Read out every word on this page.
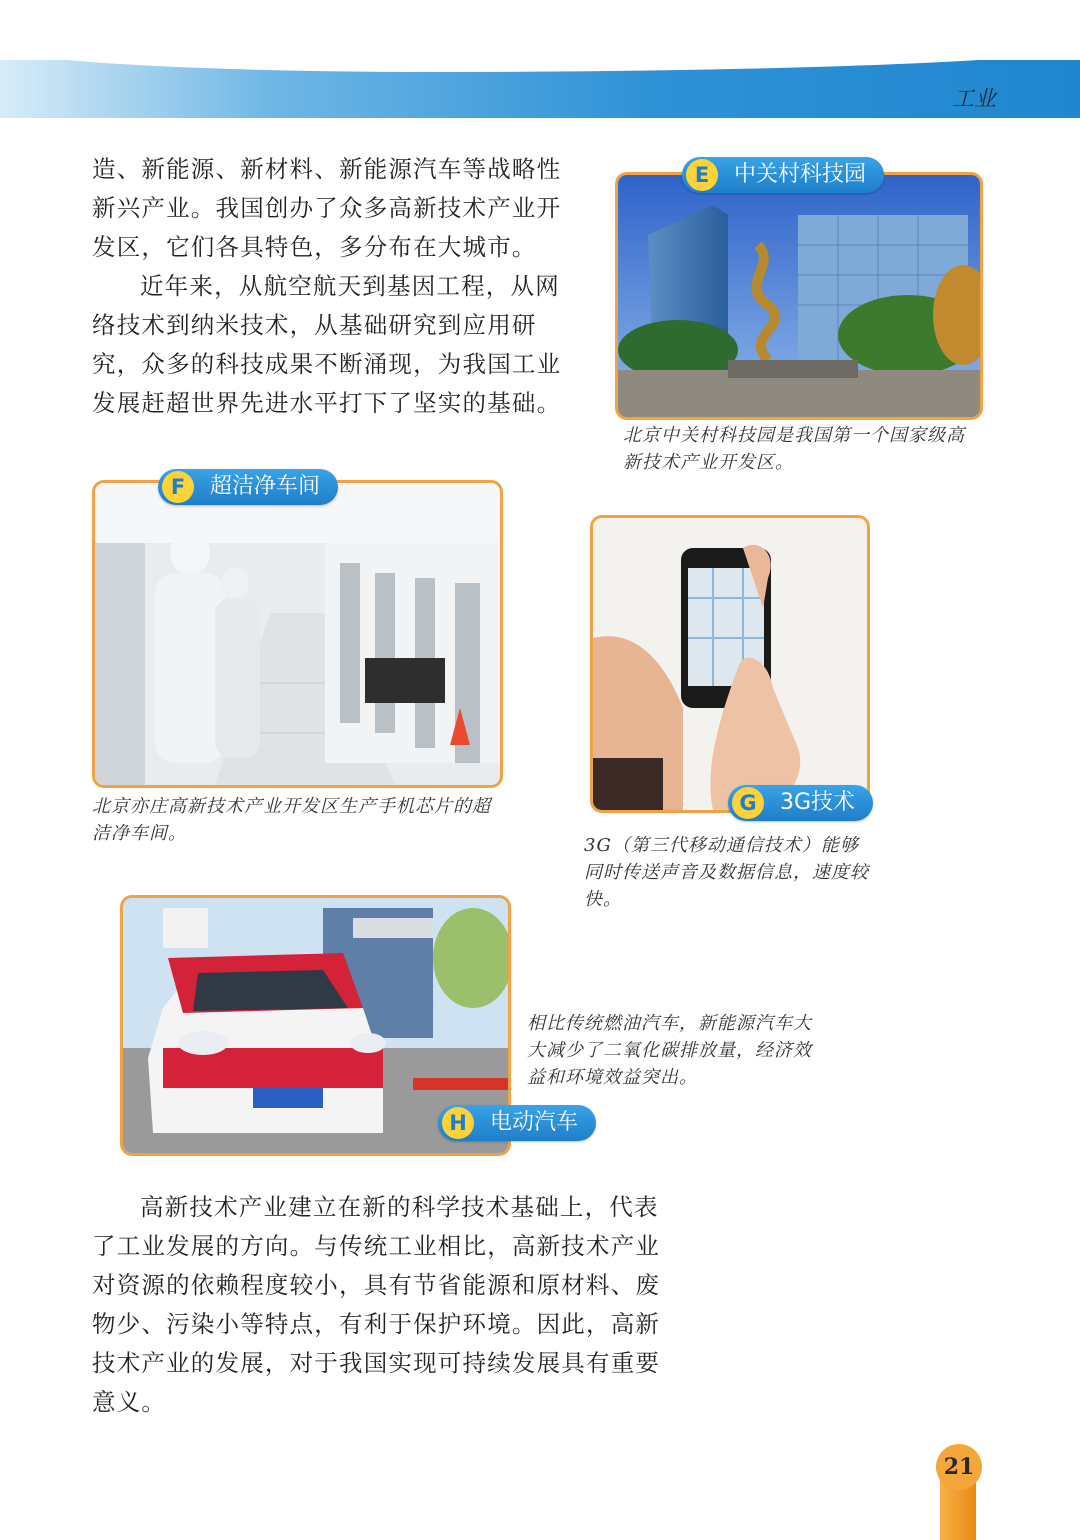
工业

造、新能源、新材料、新能源汽车等战略性新兴产业。我国创办了众多高新技术产业开发区，它们各具特色，多分布在大城市。

近年来，从航空航天到基因工程，从网络技术到纳米技术，从基础研究到应用研究，众多的科技成果不断涌现，为我国工业发展赶超世界先进水平打下了坚实的基础。

E	中关村科技园
北京中关村科技园是我国第一个国家级高新技术产业开发区。
F	超洁净车间
北京亦庄高新技术产业开发区生产手机芯片的超洁净车间。
G	3G技术
3G（第三代移动通信技术）能够同时传送声音及数据信息，速度较快。
H	电动汽车
相比传统燃油汽车，新能源汽车大大减少了二氧化碳排放量，经济效益和环境效益突出。

高新技术产业建立在新的科学技术基础上，代表了工业发展的方向。与传统工业相比，高新技术产业对资源的依赖程度较小，具有节省能源和原材料、废物少、污染小等特点，有利于保护环境。因此，高新技术产业的发展，对于我国实现可持续发展具有重要意义。

21
